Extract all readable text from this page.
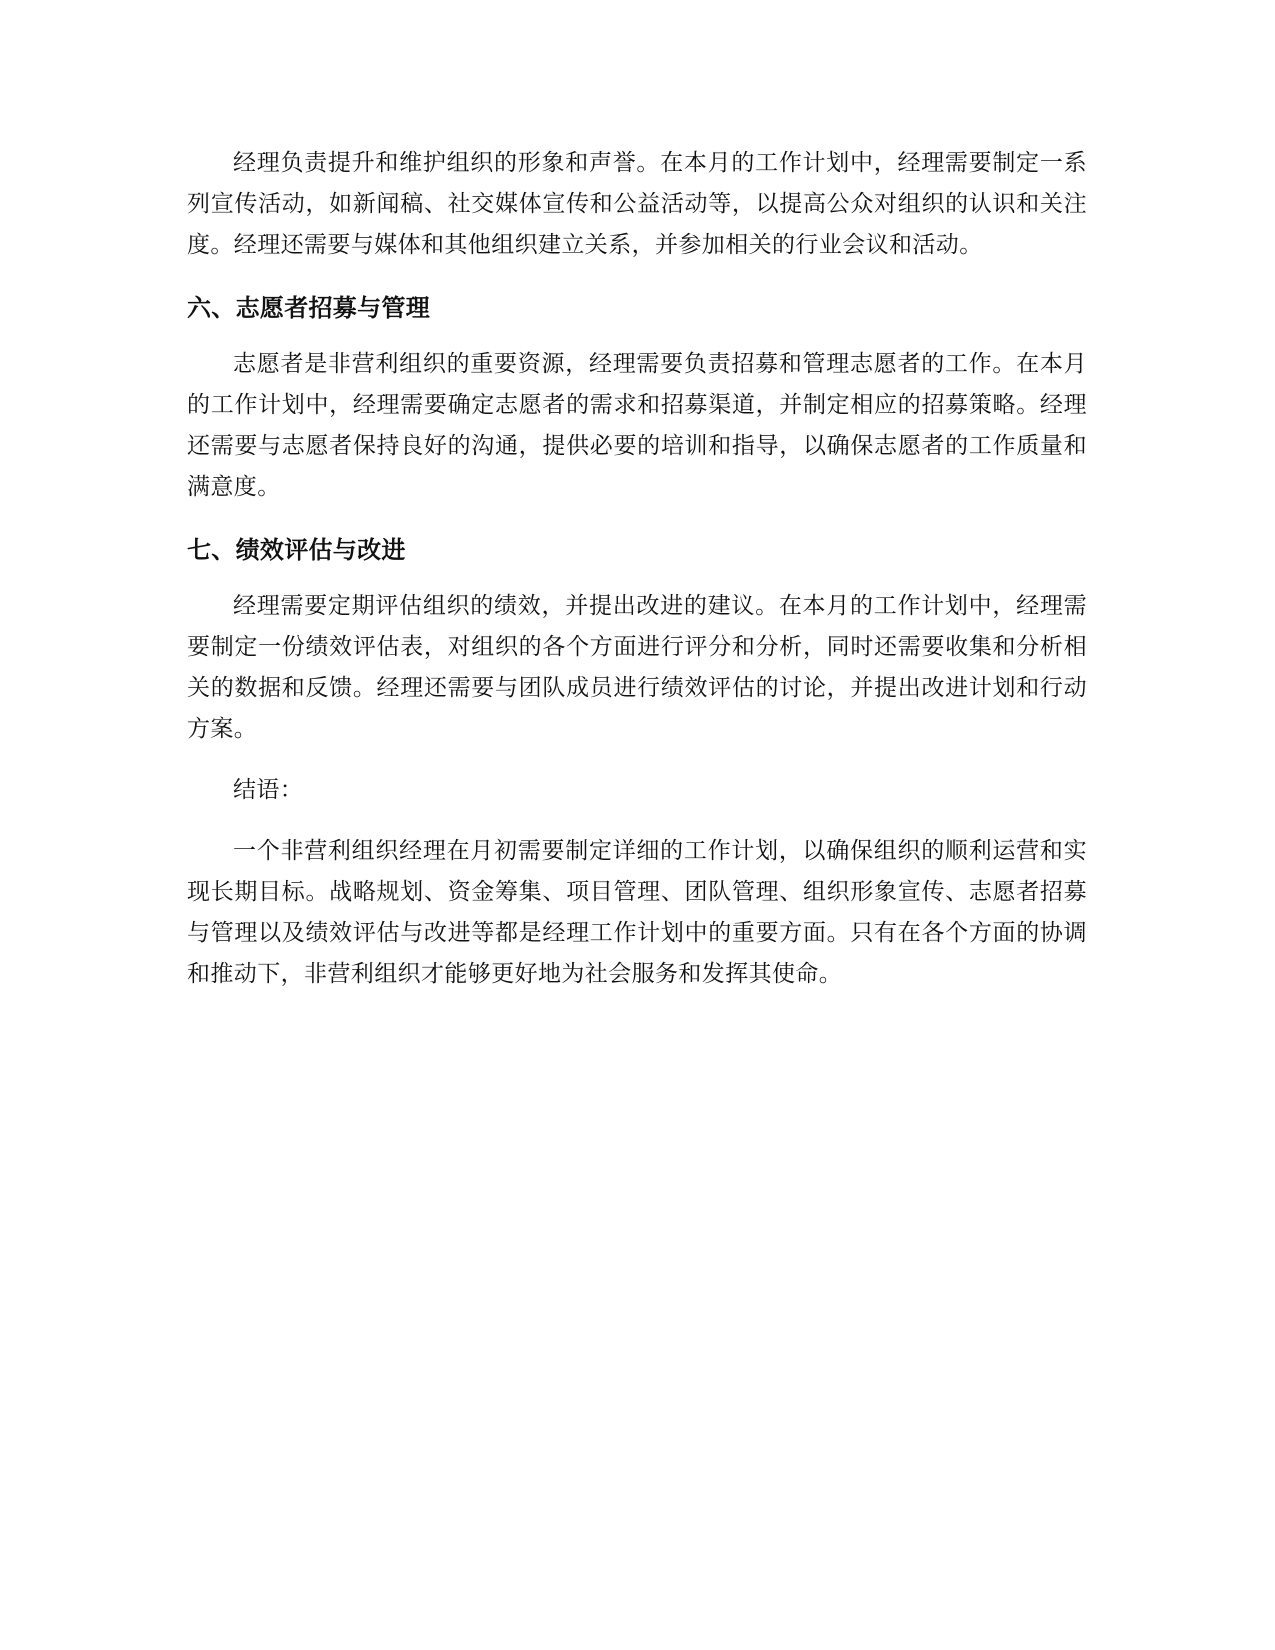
经理负责提升和维护组织的形象和声誉。在本月的工作计划中，经理需要制定一系列宣传活动，如新闻稿、社交媒体宣传和公益活动等，以提高公众对组织的认识和关注度。经理还需要与媒体和其他组织建立关系，并参加相关的行业会议和活动。

六、志愿者招募与管理

志愿者是非营利组织的重要资源，经理需要负责招募和管理志愿者的工作。在本月的工作计划中，经理需要确定志愿者的需求和招募渠道，并制定相应的招募策略。经理还需要与志愿者保持良好的沟通，提供必要的培训和指导，以确保志愿者的工作质量和满意度。

七、绩效评估与改进

经理需要定期评估组织的绩效，并提出改进的建议。在本月的工作计划中，经理需要制定一份绩效评估表，对组织的各个方面进行评分和分析，同时还需要收集和分析相关的数据和反馈。经理还需要与团队成员进行绩效评估的讨论，并提出改进计划和行动方案。

结语：

一个非营利组织经理在月初需要制定详细的工作计划，以确保组织的顺利运营和实现长期目标。战略规划、资金筹集、项目管理、团队管理、组织形象宣传、志愿者招募与管理以及绩效评估与改进等都是经理工作计划中的重要方面。只有在各个方面的协调和推动下，非营利组织才能够更好地为社会服务和发挥其使命。
